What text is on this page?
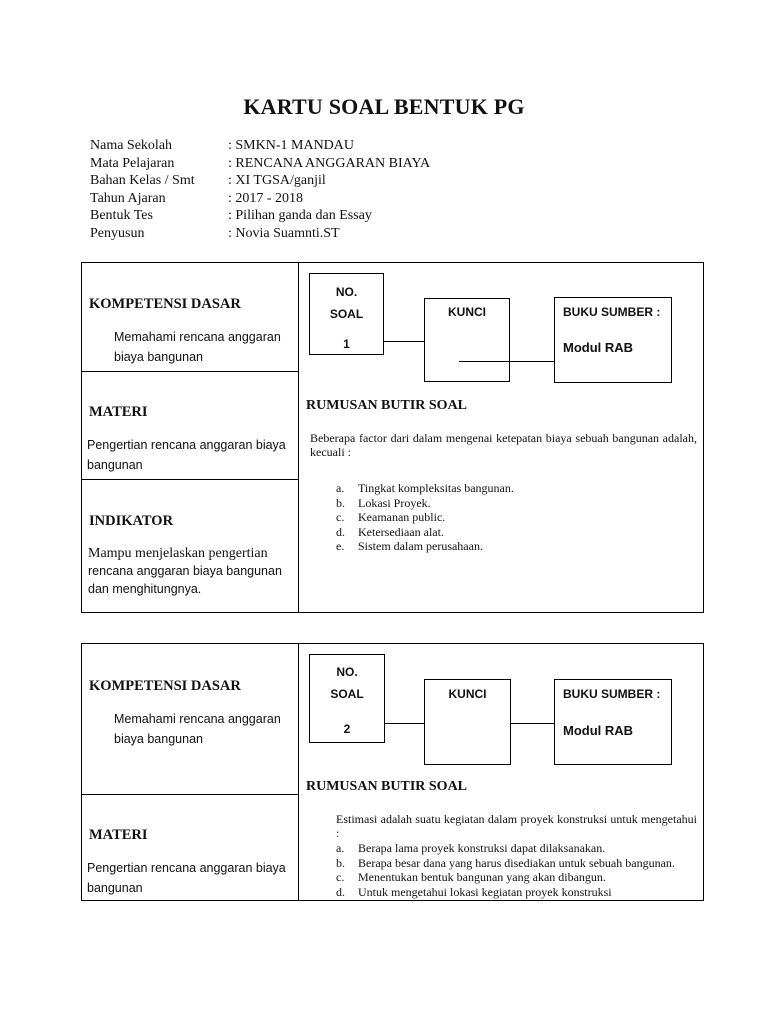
KARTU SOAL BENTUK PG
Nama Sekolah	: SMKN-1 MANDAU
Mata Pelajaran	: RENCANA ANGGARAN BIAYA
Bahan Kelas / Smt	: XI TGSA/ganjil
Tahun Ajaran	: 2017 - 2018
Bentuk Tes	: Pilihan ganda dan Essay
Penyusun	: Novia Suamnti.ST
KOMPETENSI DASAR
Memahami rencana anggaran biaya bangunan
MATERI
Pengertian rencana anggaran biaya bangunan
INDIKATOR
Mampu menjelaskan pengertian rencana anggaran biaya bangunan dan menghitungnya.
NO.
SOAL
1
KUNCI	BUKU SUMBER :
Modul RAB
RUMUSAN BUTIR SOAL
Beberapa factor dari dalam mengenai ketepatan biaya sebuah bangunan adalah, kecuali :
a.	Tingkat kompleksitas bangunan.
b.	Lokasi Proyek.
c.	Keamanan public.
d.	Ketersediaan alat.
e.	Sistem dalam perusahaan.
KOMPETENSI DASAR
Memahami rencana anggaran biaya bangunan
MATERI
Pengertian rencana anggaran biaya bangunan
NO.
SOAL
2
KUNCI	BUKU SUMBER :
Modul RAB
RUMUSAN BUTIR SOAL
Estimasi adalah suatu kegiatan dalam proyek konstruksi untuk mengetahui :
a.	Berapa lama proyek konstruksi dapat dilaksanakan.
b.	Berapa besar dana yang harus disediakan untuk sebuah bangunan.
c.	Menentukan bentuk bangunan yang akan dibangun.
d.	Untuk mengetahui lokasi kegiatan proyek konstruksi
